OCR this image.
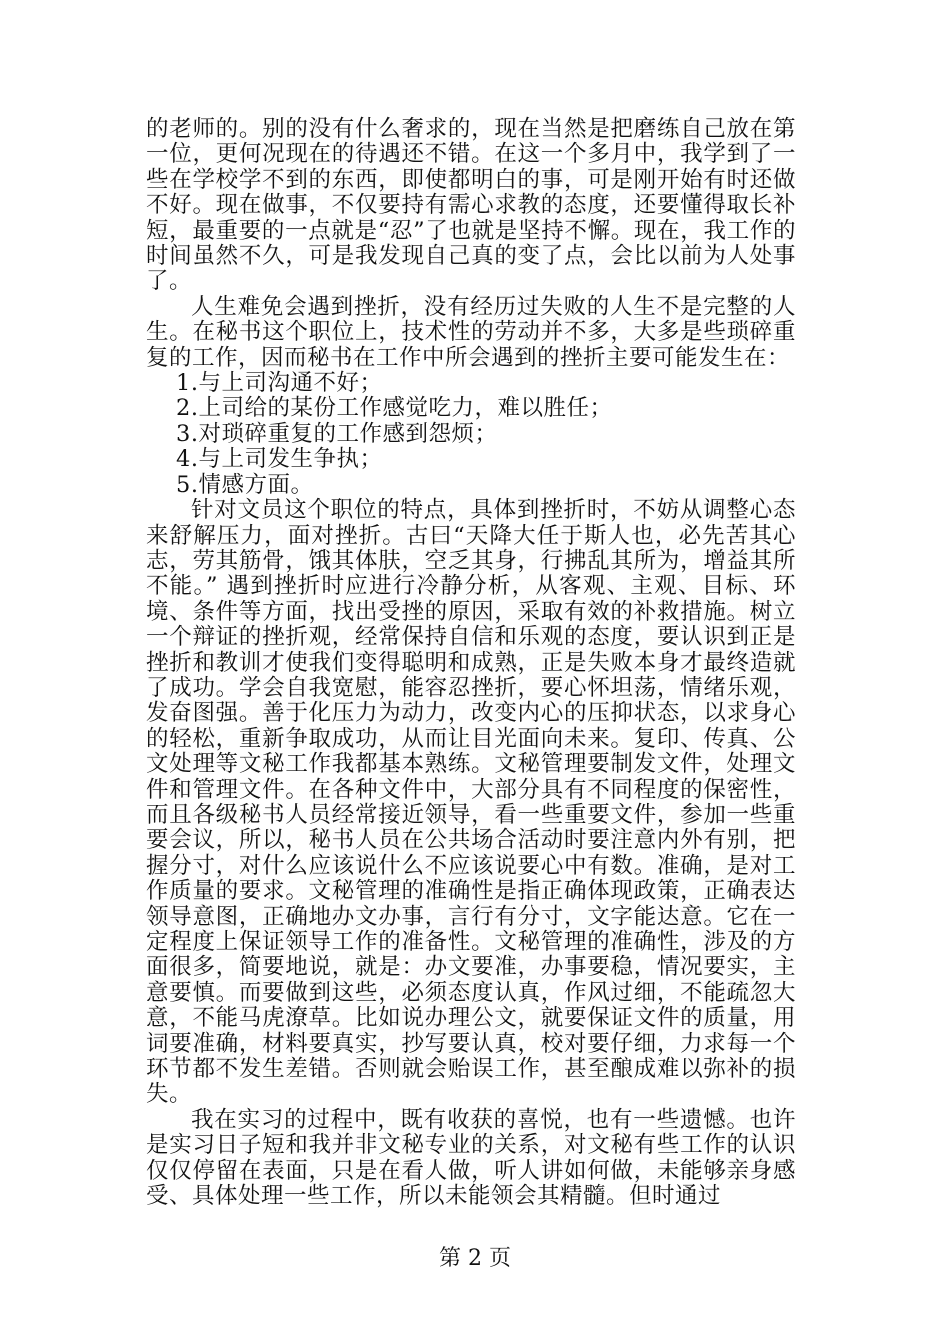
的老师的。别的没有什么奢求的，现在当然是把磨练自己放在第一位，更何况现在的待遇还不错。在这一个多月中，我学到了一些在学校学不到的东西，即使都明白的事，可是刚开始有时还做不好。现在做事，不仅要持有需心求教的态度，还要懂得取长补短，最重要的一点就是“忍”了也就是坚持不懈。现在，我工作的时间虽然不久，可是我发现自己真的变了点，会比以前为人处事了。

人生难免会遇到挫折，没有经历过失败的人生不是完整的人生。在秘书这个职位上，技术性的劳动并不多，大多是些琐碎重复的工作，因而秘书在工作中所会遇到的挫折主要可能发生在：

1.与上司沟通不好；
2.上司给的某份工作感觉吃力，难以胜任；
3.对琐碎重复的工作感到怨烦；
4.与上司发生争执；
5.情感方面。

针对文员这个职位的特点，具体到挫折时，不妨从调整心态来舒解压力，面对挫折。古曰“天降大任于斯人也，必先苦其心志，劳其筋骨，饿其体肤，空乏其身，行拂乱其所为，增益其所不能。” 遇到挫折时应进行冷静分析，从客观、主观、目标、环境、条件等方面，找出受挫的原因，采取有效的补救措施。树立一个辩证的挫折观，经常保持自信和乐观的态度，要认识到正是挫折和教训才使我们变得聪明和成熟，正是失败本身才最终造就了成功。学会自我宽慰，能容忍挫折，要心怀坦荡，情绪乐观，发奋图强。善于化压力为动力，改变内心的压抑状态，以求身心的轻松，重新争取成功，从而让目光面向未来。复印、传真、公文处理等文秘工作我都基本熟练。文秘管理要制发文件，处理文件和管理文件。在各种文件中，大部分具有不同程度的保密性，而且各级秘书人员经常接近领导，看一些重要文件，参加一些重要会议，所以，秘书人员在公共场合活动时要注意内外有别，把握分寸，对什么应该说什么不应该说要心中有数。准确，是对工作质量的要求。文秘管理的准确性是指正确体现政策，正确表达领导意图，正确地办文办事，言行有分寸，文字能达意。它在一定程度上保证领导工作的准备性。文秘管理的准确性，涉及的方面很多，简要地说，就是：办文要准，办事要稳，情况要实，主意要慎。而要做到这些，必须态度认真，作风过细，不能疏忽大意，不能马虎潦草。比如说办理公文，就要保证文件的质量，用词要准确，材料要真实，抄写要认真，校对要仔细，力求每一个环节都不发生差错。否则就会贻误工作，甚至酿成难以弥补的损失。

我在实习的过程中，既有收获的喜悦，也有一些遗憾。也许是实习日子短和我并非文秘专业的关系，对文秘有些工作的认识仅仅停留在表面，只是在看人做，听人讲如何做，未能够亲身感受、具体处理一些工作，所以未能领会其精髓。但时通过

第 2 页
